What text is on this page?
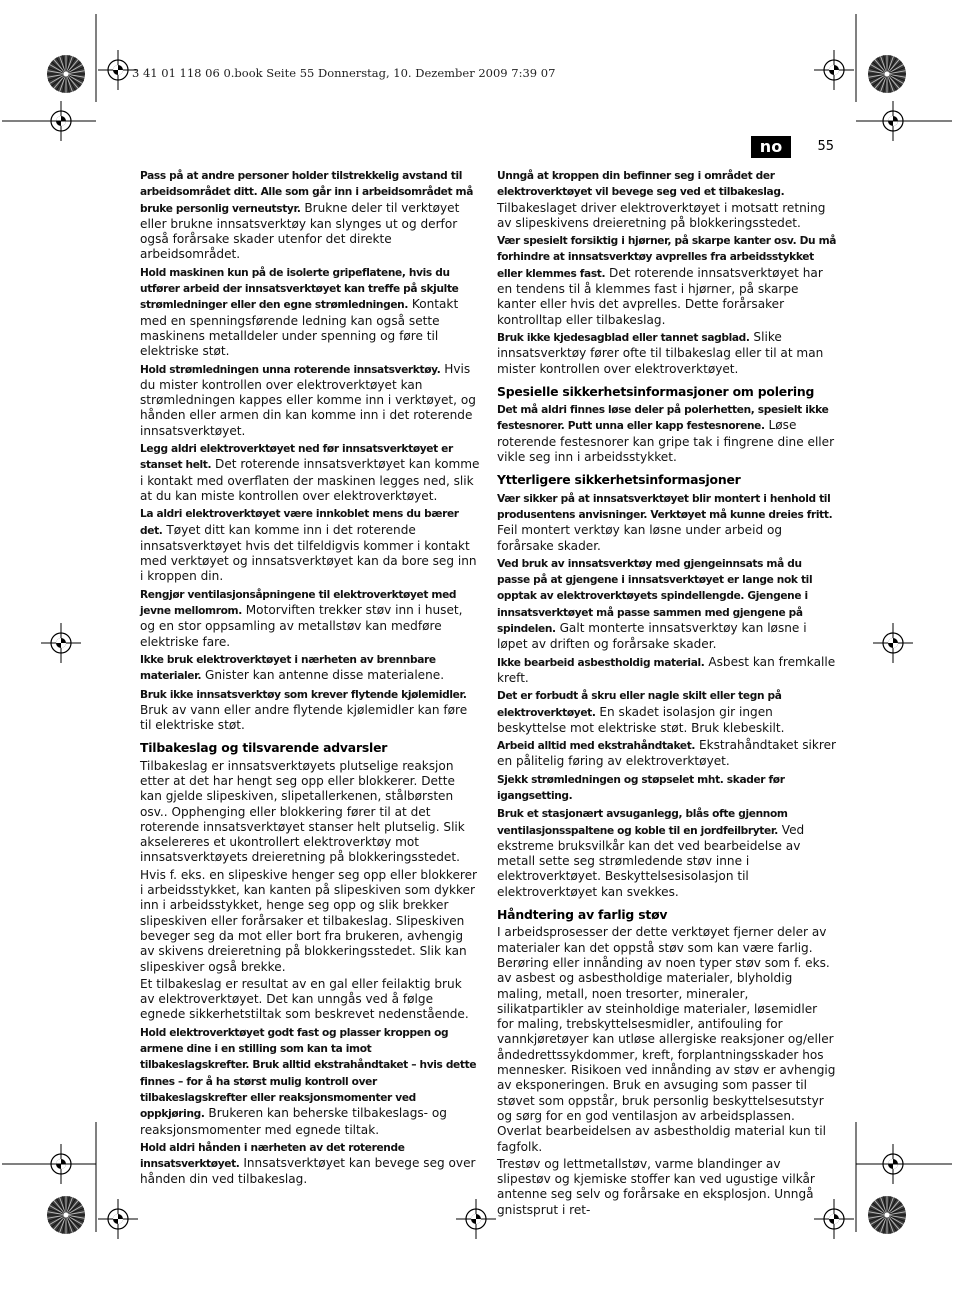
3 41 01 118 06 0.book Seite 55 Donnerstag, 10. Dezember 2009 7:39 07
no	55

Pass på at andre personer holder tilstrekkelig avstand til arbeidsområdet ditt. Alle som går inn i arbeidsområdet må bruke personlig verneutstyr. Brukne deler til verktøyet eller brukne innsatsverktøy kan slynges ut og derfor også forårsake skader utenfor det direkte arbeidsområdet.

Hold maskinen kun på de isolerte gripeflatene, hvis du utfører arbeid der innsatsverktøyet kan treffe på skjulte strømledninger eller den egne strømledningen. Kontakt med en spenningsførende ledning kan også sette maskinens metalldeler under spenning og føre til elektriske støt.

Hold strømledningen unna roterende innsatsverktøy. Hvis du mister kontrollen over elektroverktøyet kan strømledningen kappes eller komme inn i verktøyet, og hånden eller armen din kan komme inn i det roterende innsatsverktøyet.

Legg aldri elektroverktøyet ned før innsatsverktøyet er stanset helt. Det roterende innsatsverktøyet kan komme i kontakt med overflaten der maskinen legges ned, slik at du kan miste kontrollen over elektroverktøyet.

La aldri elektroverktøyet være innkoblet mens du bærer det. Tøyet ditt kan komme inn i det roterende innsatsverktøyet hvis det tilfeldigvis kommer i kontakt med verktøyet og innsatsverktøyet kan da bore seg inn i kroppen din.

Rengjør ventilasjonsåpningene til elektroverktøyet med jevne mellomrom. Motorviften trekker støv inn i huset, og en stor oppsamling av metallstøv kan medføre elektriske fare.

Ikke bruk elektroverktøyet i nærheten av brennbare materialer. Gnister kan antenne disse materialene.

Bruk ikke innsatsverktøy som krever flytende kjølemidler. Bruk av vann eller andre flytende kjølemidler kan føre til elektriske støt.

Tilbakeslag og tilsvarende advarsler

Tilbakeslag er innsatsverktøyets plutselige reaksjon etter at det har hengt seg opp eller blokkerer. Dette kan gjelde slipeskiven, slipetallerkenen, stålbørsten osv.. Opphenging eller blokkering fører til at det roterende innsatsverktøyet stanser helt plutselig. Slik akselereres et ukontrollert elektroverktøy mot innsatsverktøyets dreieretning på blokkeringsstedet.

Hvis f. eks. en slipeskive henger seg opp eller blokkerer i arbeidsstykket, kan kanten på slipeskiven som dykker inn i arbeidsstykket, henge seg opp og slik brekker slipeskiven eller forårsaker et tilbakeslag. Slipeskiven beveger seg da mot eller bort fra brukeren, avhengig av skivens dreieretning på blokkeringsstedet. Slik kan slipeskiver også brekke.

Et tilbakeslag er resultat av en gal eller feilaktig bruk av elektroverktøyet. Det kan unngås ved å følge egnede sikkerhetstiltak som beskrevet nedenstående.

Hold elektroverktøyet godt fast og plasser kroppen og armene dine i en stilling som kan ta imot tilbakeslagskrefter. Bruk alltid ekstrahåndtaket – hvis dette finnes – for å ha størst mulig kontroll over tilbakeslagskrefter eller reaksjonsmomenter ved oppkjøring. Brukeren kan beherske tilbakeslags- og reaksjonsmomenter med egnede tiltak.

Hold aldri hånden i nærheten av det roterende innsatsverktøyet. Innsatsverktøyet kan bevege seg over hånden din ved tilbakeslag.

Unngå at kroppen din befinner seg i området der elektroverktøyet vil bevege seg ved et tilbakeslag. Tilbakeslaget driver elektroverktøyet i motsatt retning av slipeskivens dreieretning på blokkeringsstedet.

Vær spesielt forsiktig i hjørner, på skarpe kanter osv. Du må forhindre at innsatsverktøy avprelles fra arbeidsstykket eller klemmes fast. Det roterende innsatsverktøyet har en tendens til å klemmes fast i hjørner, på skarpe kanter eller hvis det avprelles. Dette forårsaker kontrolltap eller tilbakeslag.

Bruk ikke kjedesagblad eller tannet sagblad. Slike innsatsverktøy fører ofte til tilbakeslag eller til at man mister kontrollen over elektroverktøyet.

Spesielle sikkerhetsinformasjoner om polering

Det må aldri finnes løse deler på polerhetten, spesielt ikke festesnorer. Putt unna eller kapp festesnorene. Løse roterende festesnorer kan gripe tak i fingrene dine eller vikle seg inn i arbeidsstykket.

Ytterligere sikkerhetsinformasjoner

Vær sikker på at innsatsverktøyet blir montert i henhold til produsentens anvisninger. Verktøyet må kunne dreies fritt. Feil montert verktøy kan løsne under arbeid og forårsake skader.

Ved bruk av innsatsverktøy med gjengeinnsats må du passe på at gjengene i innsatsverktøyet er lange nok til opptak av elektroverktøyets spindellengde. Gjengene i innsatsverktøyet må passe sammen med gjengene på spindelen. Galt monterte innsatsverktøy kan løsne i løpet av driften og forårsake skader.

Ikke bearbeid asbestholdig material. Asbest kan fremkalle kreft.

Det er forbudt å skru eller nagle skilt eller tegn på elektroverktøyet. En skadet isolasjon gir ingen beskyttelse mot elektriske støt. Bruk klebeskilt.

Arbeid alltid med ekstrahåndtaket. Ekstrahåndtaket sikrer en pålitelig føring av elektroverktøyet.

Sjekk strømledningen og støpselet mht. skader før igangsetting.

Bruk et stasjonært avsuganlegg, blås ofte gjennom ventilasjonsspaltene og koble til en jordfeilbryter. Ved ekstreme bruksvilkår kan det ved bearbeidelse av metall sette seg strømledende støv inne i elektroverktøyet. Beskyttelsesisolasjon til elektroverktøyet kan svekkes.

Håndtering av farlig støv

I arbeidsprosesser der dette verktøyet fjerner deler av materialer kan det oppstå støv som kan være farlig. Berøring eller innånding av noen typer støv som f. eks. av asbest og asbestholdige materialer, blyholdig maling, metall, noen tresorter, mineraler, silikatpartikler av steinholdige materialer, løsemidler for maling, trebskyttelsesmidler, antifouling for vannkjøretøyer kan utløse allergiske reaksjoner og/eller åndedrettssykdommer, kreft, forplantningsskader hos mennesker. Risikoen ved innånding av støv er avhengig av eksponeringen. Bruk en avsuging som passer til støvet som oppstår, bruk personlig beskyttelsesutstyr og sørg for en god ventilasjon av arbeidsplassen. Overlat bearbeidelsen av asbestholdig material kun til fagfolk.

Trestøv og lettmetallstøv, varme blandinger av slipestøv og kjemiske stoffer kan ved ugustige vilkår antenne seg selv og forårsake en eksplosjon. Unngå gnistsprut i ret-
